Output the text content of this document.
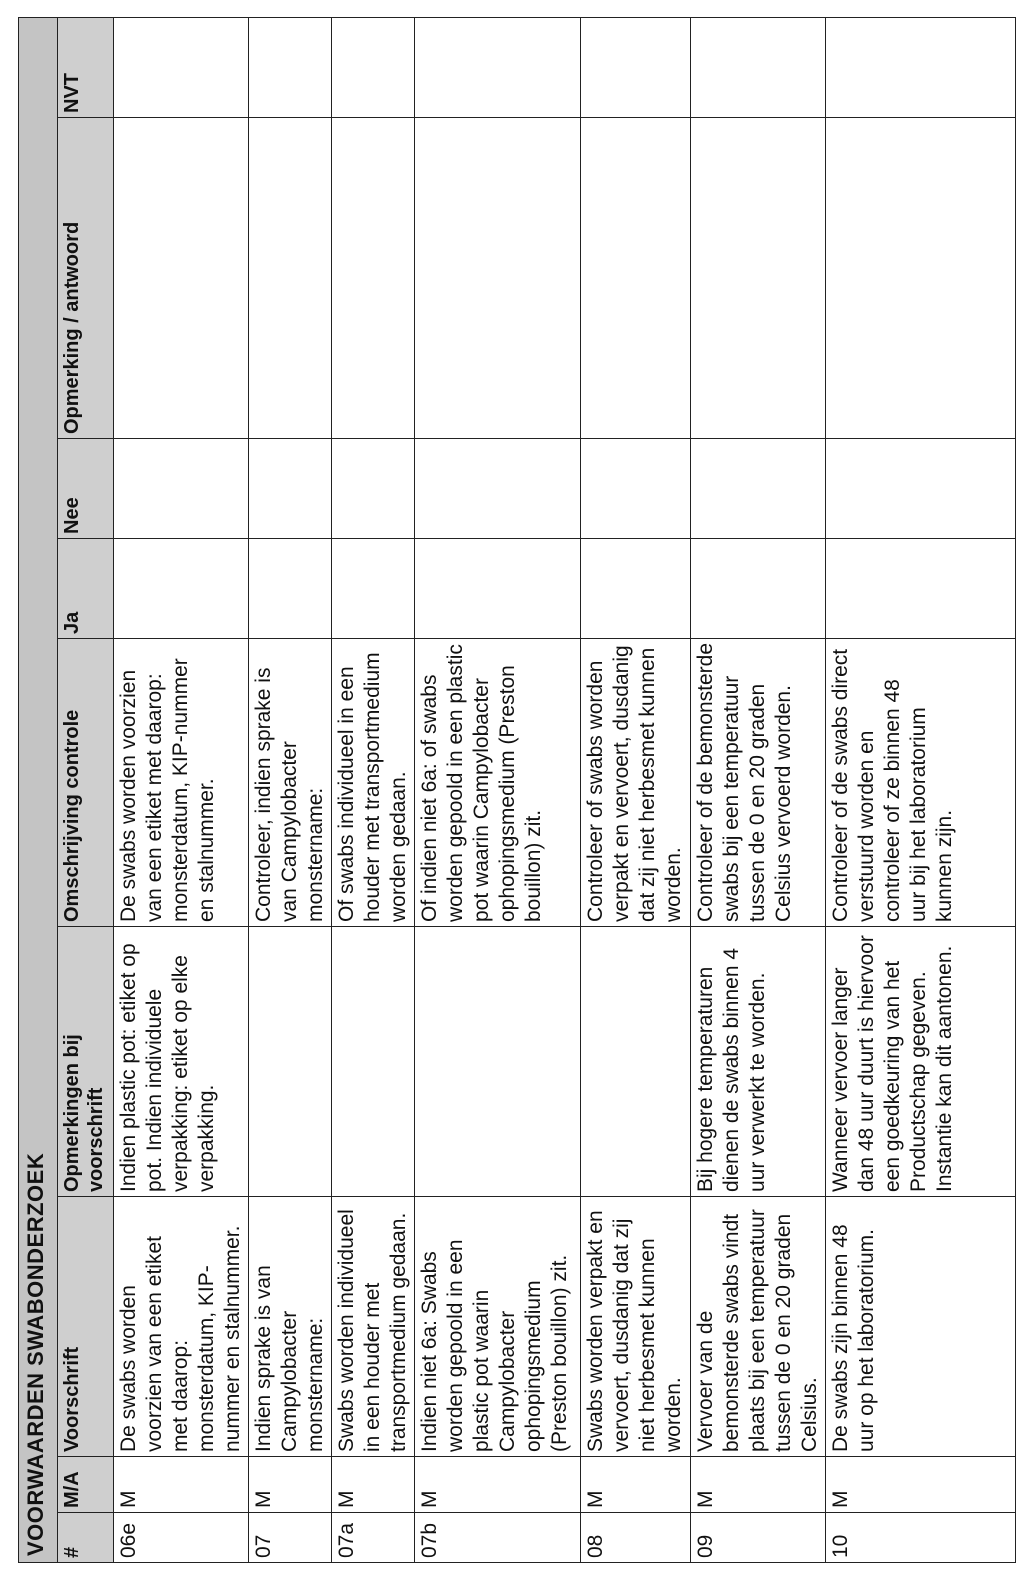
VOORWAARDEN SWABONDERZOEK								
#	M/A	Voorschrift	Opmerkingen bij voorschrift	Omschrijving controle	Ja	Nee	Opmerking / antwoord	NVT
06e	M	De swabs worden voorzien van een etiket met daarop: monsterdatum, KIP-nummer en stalnummer.	Indien plastic pot: etiket op pot. Indien individuele verpakking: etiket op elke verpakking.	De swabs worden voorzien van een etiket met daarop: monsterdatum, KIP-nummer en stalnummer.				
07	M	Indien sprake is van Campylobacter monstername:		Controleer, indien sprake is van Campylobacter monstername:				
07a	M	Swabs worden individueel in een houder met transportmedium gedaan.		Of swabs individueel in een houder met transportmedium worden gedaan.				
07b	M	Indien niet 6a: Swabs worden gepoold in een plastic pot waarin Campylobacter ophopingsmedium (Preston bouillon) zit.		Of indien niet 6a: of swabs worden gepoold in een plastic pot waarin Campylobacter ophopingsmedium (Preston bouillon) zit.				
08	M	Swabs worden verpakt en vervoert, dusdanig dat zij niet herbesmet kunnen worden.		Controleer of swabs worden verpakt en vervoert, dusdanig dat zij niet herbesmet kunnen worden.				
09	M	Vervoer van de bemonsterde swabs vindt plaats bij een temperatuur tussen de 0 en 20 graden Celsius.	Bij hogere temperaturen dienen de swabs binnen 4 uur verwerkt te worden.	Controleer of de bemonsterde swabs bij een temperatuur tussen de 0 en 20 graden Celsius vervoerd worden.				
10	M	De swabs zijn binnen 48 uur op het laboratorium.	Wanneer vervoer langer dan 48 uur duurt is hiervoor een goedkeuring van het Productschap gegeven. Instantie kan dit aantonen.	Controleer of de swabs direct verstuurd worden en controleer of ze binnen 48 uur bij het laboratorium kunnen zijn.				
